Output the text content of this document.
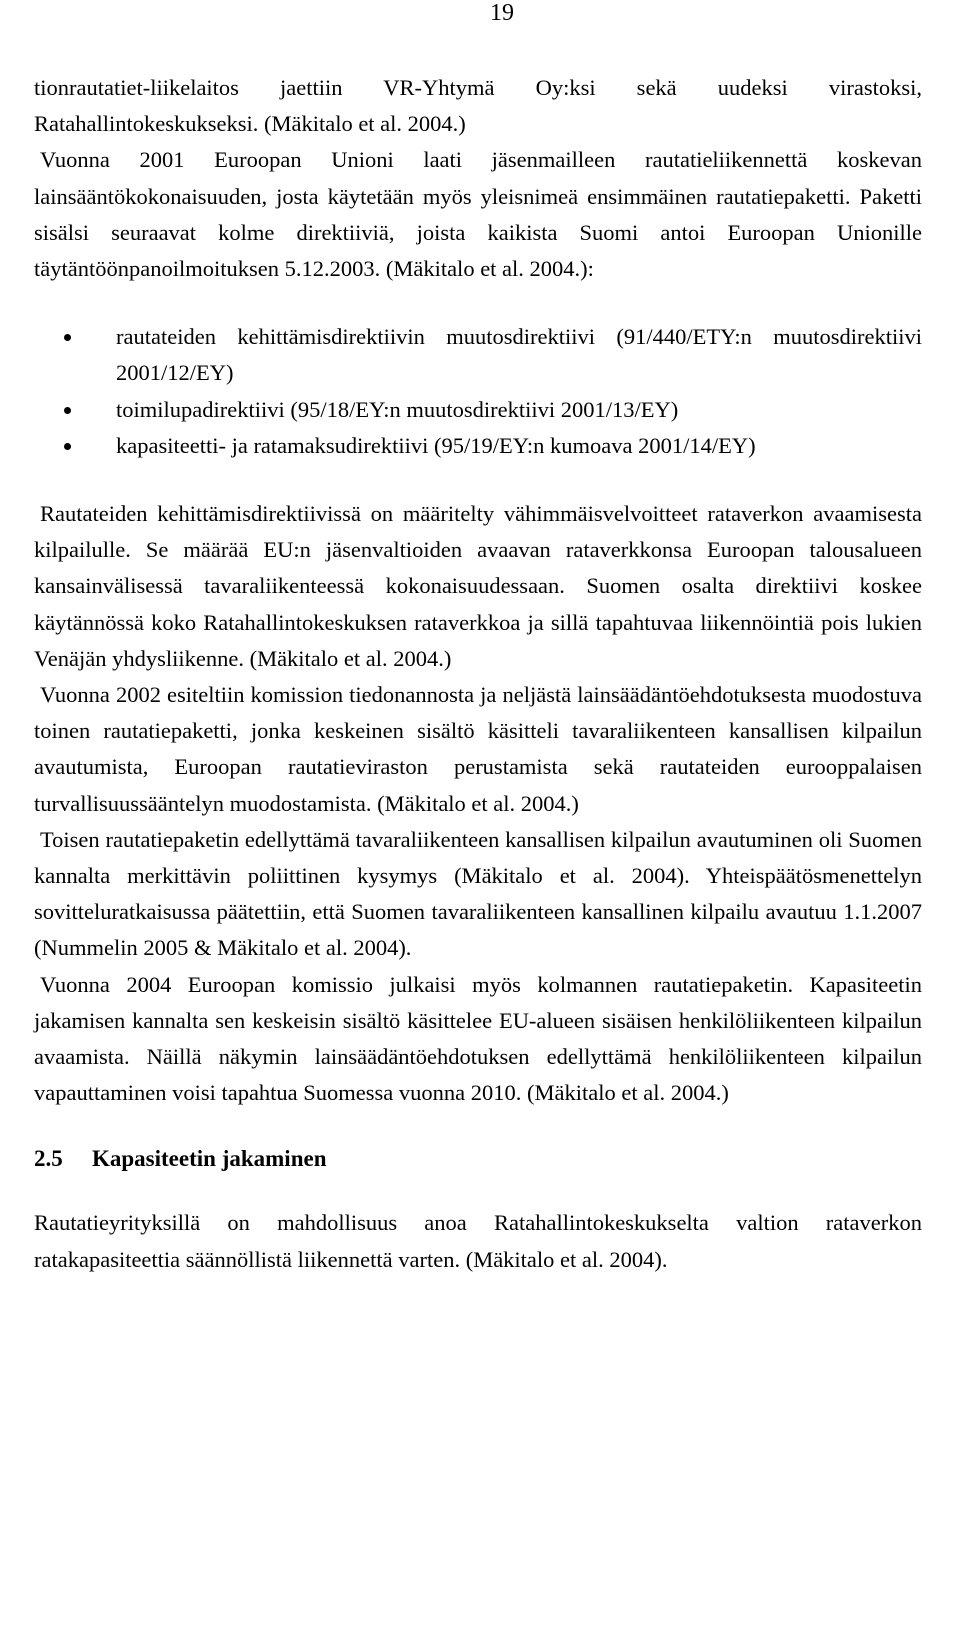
19

tionrautatiet-liikelaitos jaettiin VR-Yhtymä Oy:ksi sekä uudeksi virastoksi, Ratahallintokeskukseksi. (Mäkitalo et al. 2004.)

Vuonna 2001 Euroopan Unioni laati jäsenmailleen rautatieliikennettä koskevan lainsääntökokonaisuuden, josta käytetään myös yleisnimeä ensimmäinen rautatiepaketti. Paketti sisälsi seuraavat kolme direktiiviä, joista kaikista Suomi antoi Euroopan Unionille täytäntöönpanoilmoituksen 5.12.2003. (Mäkitalo et al. 2004.):

rautateiden kehittämisdirektiivin muutosdirektiivi (91/440/ETY:n muutosdirektiivi 2001/12/EY)
toimilupadirektiivi (95/18/EY:n muutosdirektiivi 2001/13/EY)
kapasiteetti- ja ratamaksudirektiivi (95/19/EY:n kumoava 2001/14/EY)

Rautateiden kehittämisdirektiivissä on määritelty vähimmäisvelvoitteet rataverkon avaamisesta kilpailulle. Se määrää EU:n jäsenvaltioiden avaavan rataverkkonsa Euroopan talousalueen kansainvälisessä tavaraliikenteessä kokonaisuudessaan. Suomen osalta direktiivi koskee käytännössä koko Ratahallintokeskuksen rataverkkoa ja sillä tapahtuvaa liikennöintiä pois lukien Venäjän yhdysliikenne. (Mäkitalo et al. 2004.)

Vuonna 2002 esiteltiin komission tiedonannosta ja neljästä lainsäädäntöehdotuksesta muodostuva toinen rautatiepaketti, jonka keskeinen sisältö käsitteli tavaraliikenteen kansallisen kilpailun avautumista, Euroopan rautatieviraston perustamista sekä rautateiden eurooppalaisen turvallisuussääntelyn muodostamista. (Mäkitalo et al. 2004.)

Toisen rautatiepaketin edellyttämä tavaraliikenteen kansallisen kilpailun avautuminen oli Suomen kannalta merkittävin poliittinen kysymys (Mäkitalo et al. 2004). Yhteispäätösmenettelyn sovitteluratkaisussa päätettiin, että Suomen tavaraliikenteen kansallinen kilpailu avautuu 1.1.2007 (Nummelin 2005 & Mäkitalo et al. 2004).

Vuonna 2004 Euroopan komissio julkaisi myös kolmannen rautatiepaketin. Kapasiteetin jakamisen kannalta sen keskeisin sisältö käsittelee EU-alueen sisäisen henkilöliikenteen kilpailun avaamista. Näillä näkymin lainsäädäntöehdotuksen edellyttämä henkilöliikenteen kilpailun vapauttaminen voisi tapahtua Suomessa vuonna 2010. (Mäkitalo et al. 2004.)

2.5 Kapasiteetin jakaminen

Rautatieyrityksillä on mahdollisuus anoa Ratahallintokeskukselta valtion rataverkon ratakapasiteettia säännöllistä liikennettä varten. (Mäkitalo et al. 2004).
